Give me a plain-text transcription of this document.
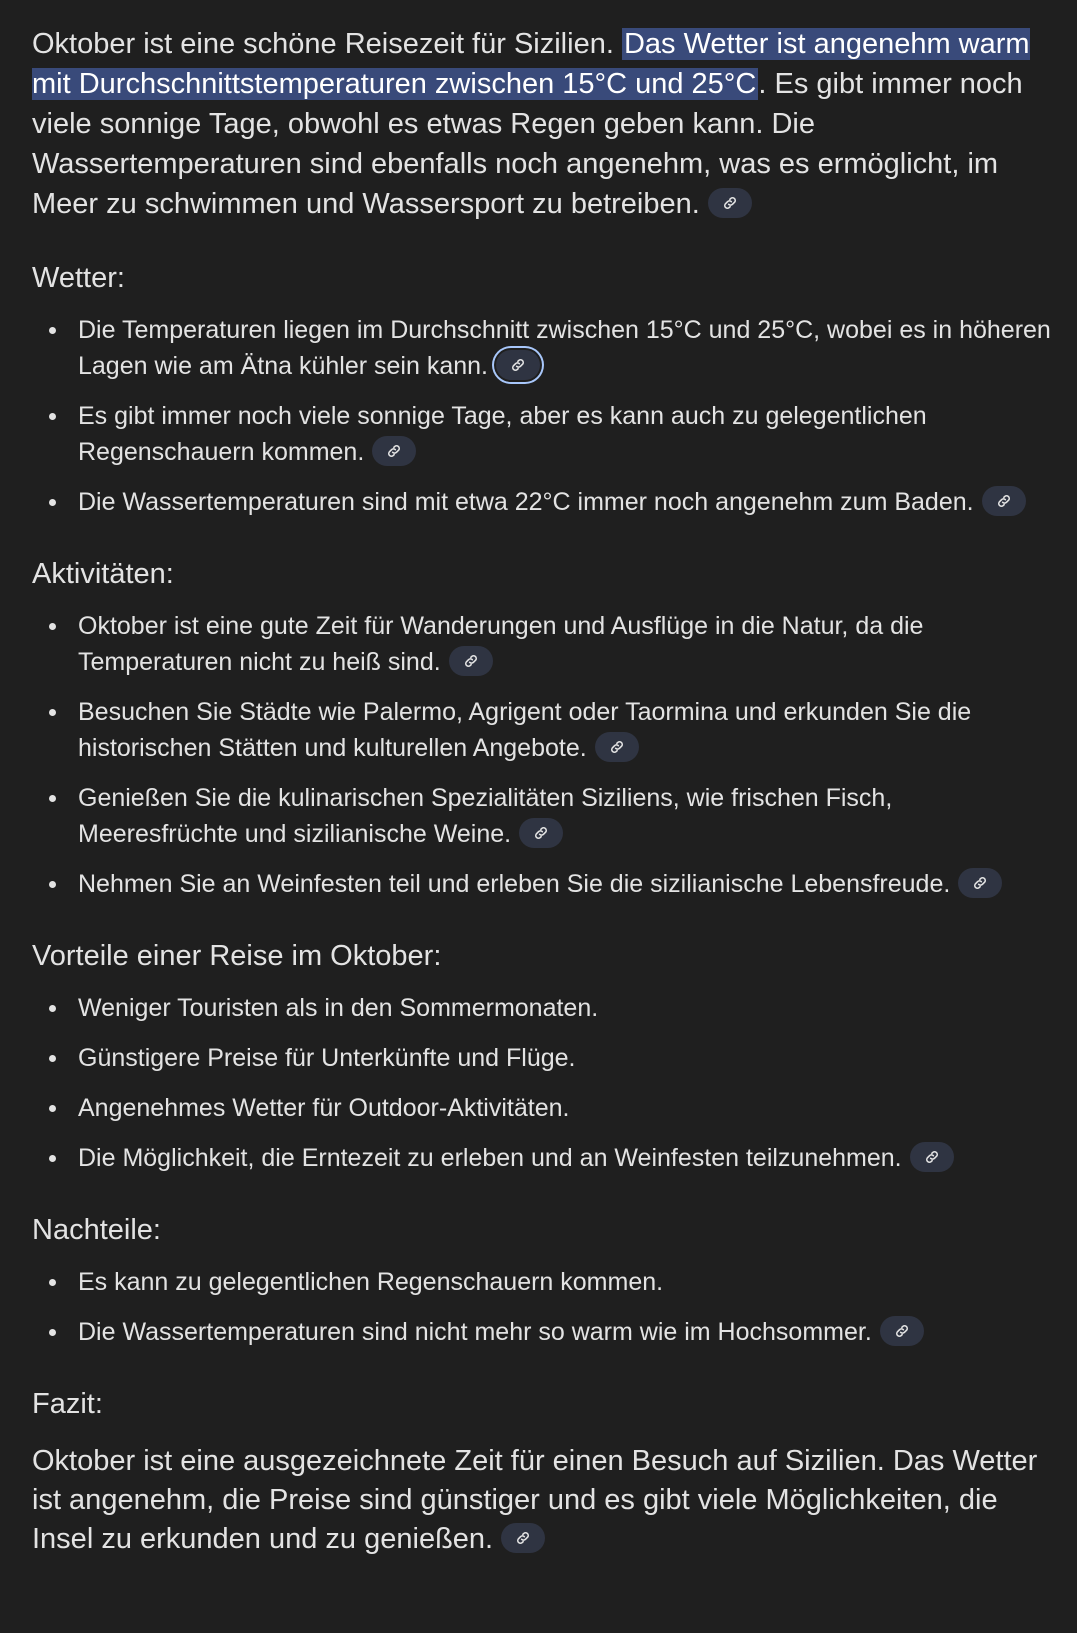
Oktober ist eine schöne Reisezeit für Sizilien. Das Wetter ist angenehm warm mit Durchschnittstemperaturen zwischen 15°C und 25°C. Es gibt immer noch viele sonnige Tage, obwohl es etwas Regen geben kann. Die Wassertemperaturen sind ebenfalls noch angenehm, was es ermöglicht, im Meer zu schwimmen und Wassersport zu betreiben.

Wetter:
Die Temperaturen liegen im Durchschnitt zwischen 15°C und 25°C, wobei es in höheren Lagen wie am Ätna kühler sein kann.
Es gibt immer noch viele sonnige Tage, aber es kann auch zu gelegentlichen Regenschauern kommen.
Die Wassertemperaturen sind mit etwa 22°C immer noch angenehm zum Baden.
Aktivitäten:
Oktober ist eine gute Zeit für Wanderungen und Ausflüge in die Natur, da die Temperaturen nicht zu heiß sind.
Besuchen Sie Städte wie Palermo, Agrigent oder Taormina und erkunden Sie die historischen Stätten und kulturellen Angebote.
Genießen Sie die kulinarischen Spezialitäten Siziliens, wie frischen Fisch, Meeresfrüchte und sizilianische Weine.
Nehmen Sie an Weinfesten teil und erleben Sie die sizilianische Lebensfreude.
Vorteile einer Reise im Oktober:
Weniger Touristen als in den Sommermonaten.
Günstigere Preise für Unterkünfte und Flüge.
Angenehmes Wetter für Outdoor-Aktivitäten.
Die Möglichkeit, die Erntezeit zu erleben und an Weinfesten teilzunehmen.
Nachteile:
Es kann zu gelegentlichen Regenschauern kommen.
Die Wassertemperaturen sind nicht mehr so warm wie im Hochsommer.
Fazit:

Oktober ist eine ausgezeichnete Zeit für einen Besuch auf Sizilien. Das Wetter ist angenehm, die Preise sind günstiger und es gibt viele Möglichkeiten, die Insel zu erkunden und zu genießen.
